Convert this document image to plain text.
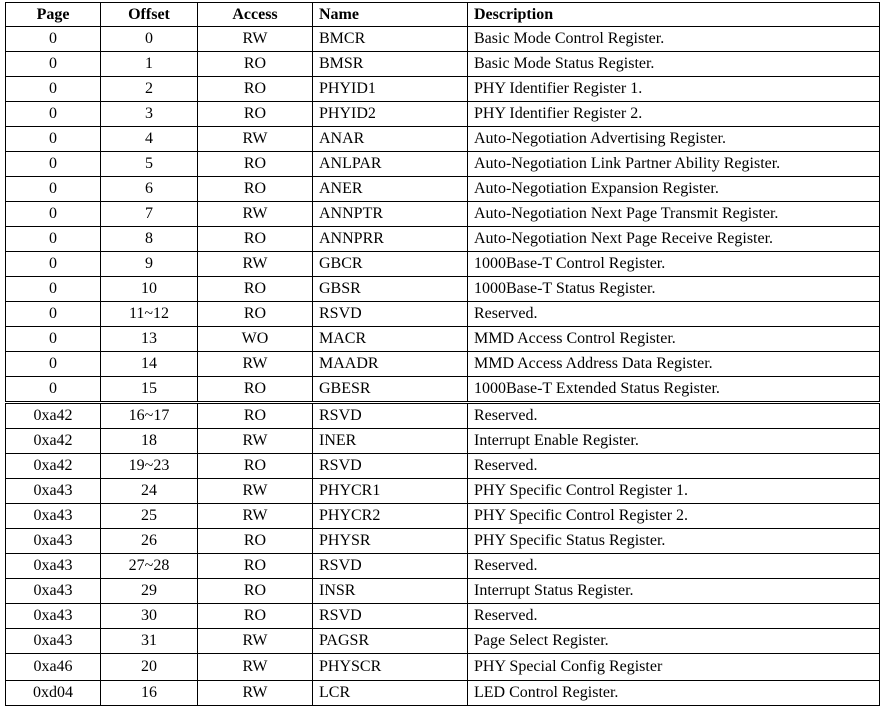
Page	Offset	Access	Name	Description
0	0	RW	BMCR	Basic Mode Control Register.
0	1	RO	BMSR	Basic Mode Status Register.
0	2	RO	PHYID1	PHY Identifier Register 1.
0	3	RO	PHYID2	PHY Identifier Register 2.
0	4	RW	ANAR	Auto-Negotiation Advertising Register.
0	5	RO	ANLPAR	Auto-Negotiation Link Partner Ability Register.
0	6	RO	ANER	Auto-Negotiation Expansion Register.
0	7	RW	ANNPTR	Auto-Negotiation Next Page Transmit Register.
0	8	RO	ANNPRR	Auto-Negotiation Next Page Receive Register.
0	9	RW	GBCR	1000Base-T Control Register.
0	10	RO	GBSR	1000Base-T Status Register.
0	11~12	RO	RSVD	Reserved.
0	13	WO	MACR	MMD Access Control Register.
0	14	RW	MAADR	MMD Access Address Data Register.
0	15	RO	GBESR	1000Base-T Extended Status Register.
0xa42	16~17	RO	RSVD	Reserved.
0xa42	18	RW	INER	Interrupt Enable Register.
0xa42	19~23	RO	RSVD	Reserved.
0xa43	24	RW	PHYCR1	PHY Specific Control Register 1.
0xa43	25	RW	PHYCR2	PHY Specific Control Register 2.
0xa43	26	RO	PHYSR	PHY Specific Status Register.
0xa43	27~28	RO	RSVD	Reserved.
0xa43	29	RO	INSR	Interrupt Status Register.
0xa43	30	RO	RSVD	Reserved.
0xa43	31	RW	PAGSR	Page Select Register.
0xa46	20	RW	PHYSCR	PHY Special Config Register
0xd04	16	RW	LCR	LED Control Register.
